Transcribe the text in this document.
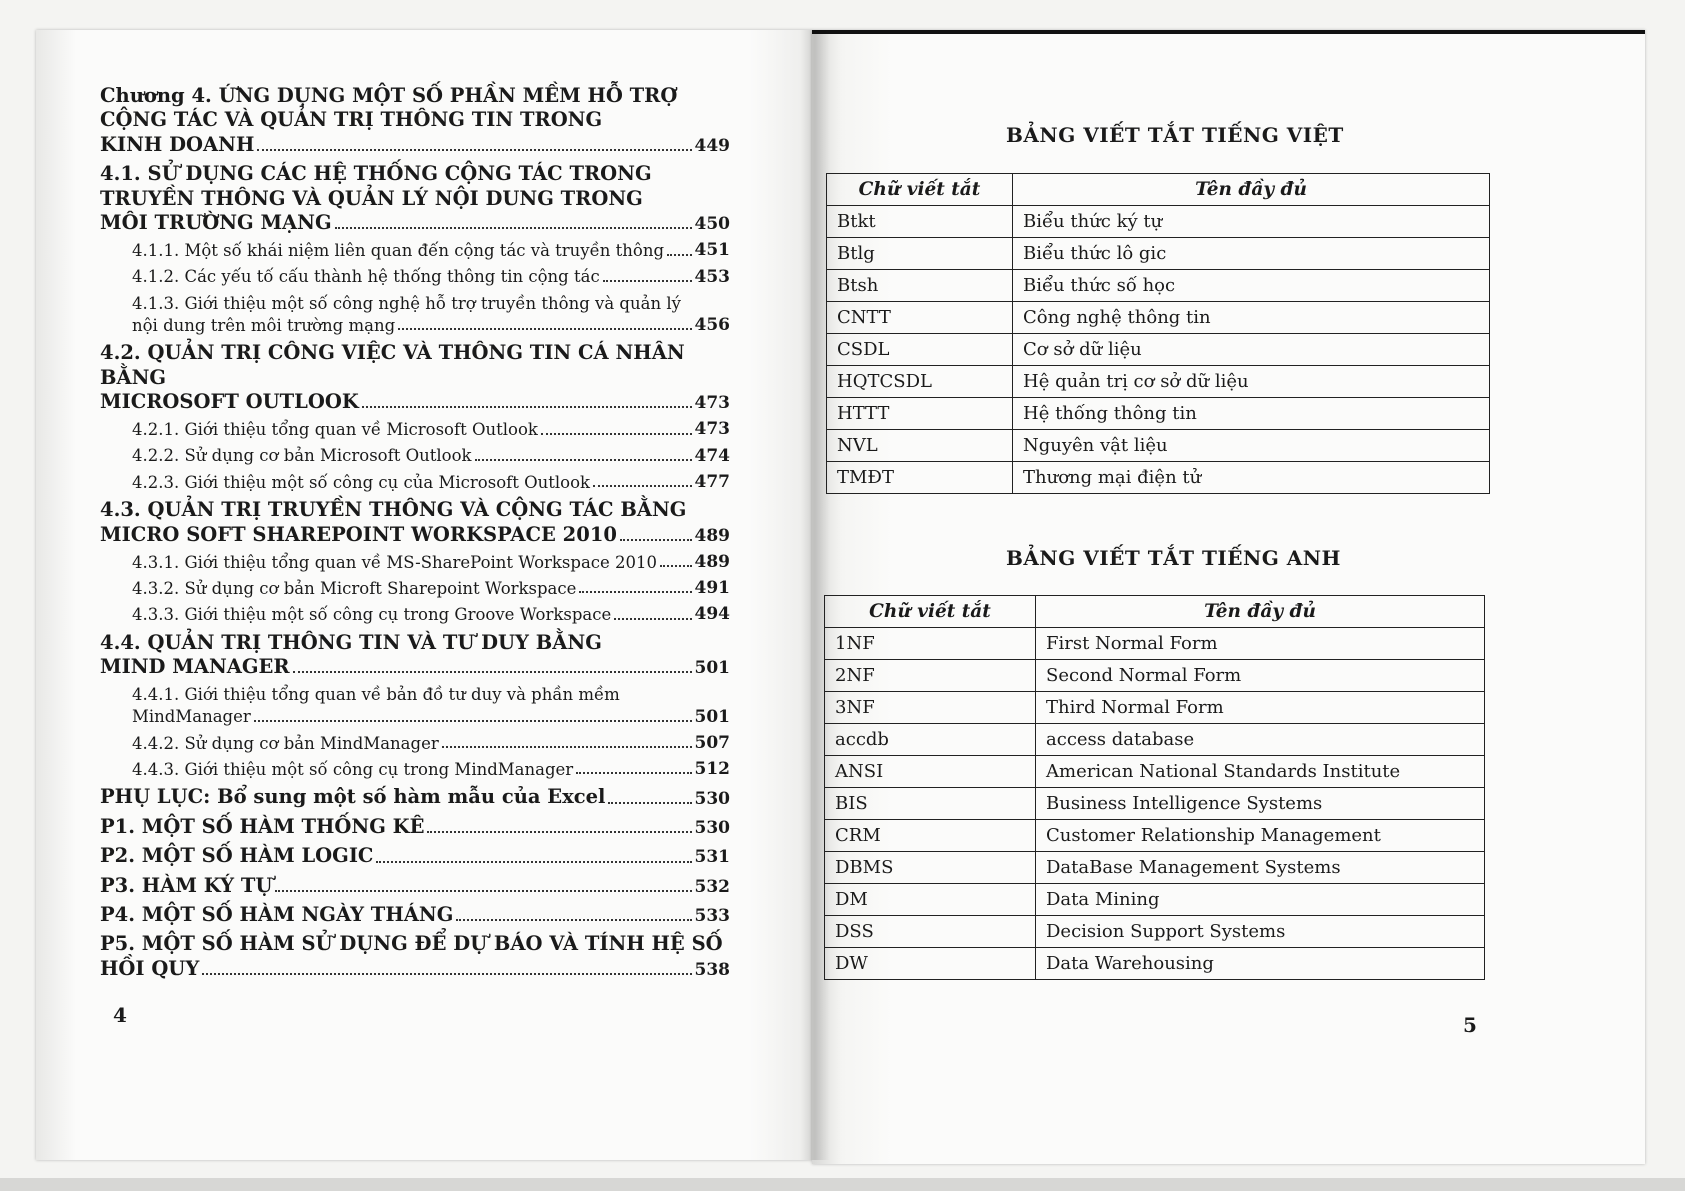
Chương 4. ỨNG DỤNG MỘT SỐ PHẦN MỀM HỖ TRỢ
CỘNG TÁC VÀ QUẢN TRỊ THÔNG TIN TRONG
KINH DOANH	449
4.1. SỬ DỤNG CÁC HỆ THỐNG CỘNG TÁC TRONG
TRUYỀN THÔNG VÀ QUẢN LÝ NỘI DUNG TRONG
MÔI TRƯỜNG MẠNG	450
4.1.1. Một số khái niệm liên quan đến cộng tác và truyền thông 451
4.1.2. Các yếu tố cấu thành hệ thống thông tin cộng tác	453
4.1.3. Giới thiệu một số công nghệ hỗ trợ truyền thông và quản lý
nội dung trên môi trường mạng	456
4.2. QUẢN TRỊ CÔNG VIỆC VÀ THÔNG TIN CÁ NHÂN BẰNG
MICROSOFT OUTLOOK	473
4.2.1. Giới thiệu tổng quan về Microsoft Outlook	473
4.2.2. Sử dụng cơ bản Microsoft Outlook	474
4.2.3. Giới thiệu một số công cụ của Microsoft Outlook	477
4.3. QUẢN TRỊ TRUYỀN THÔNG VÀ CỘNG TÁC BẰNG
MICRO SOFT SHAREPOINT WORKSPACE 2010	489
4.3.1. Giới thiệu tổng quan về MS-SharePoint Workspace 2010 489
4.3.2. Sử dụng cơ bản Microft Sharepoint Workspace	491
4.3.3. Giới thiệu một số công cụ trong Groove Workspace	494
4.4. QUẢN TRỊ THÔNG TIN VÀ TƯ DUY BẰNG
MIND MANAGER	501
4.4.1. Giới thiệu tổng quan về bản đồ tư duy và phần mềm
MindManager	501
4.4.2. Sử dụng cơ bản MindManager	507
4.4.3. Giới thiệu một số công cụ trong MindManager	512
PHỤ LỤC: Bổ sung một số hàm mẫu của Excel	530
P1. MỘT SỐ HÀM THỐNG KÊ	530
P2. MỘT SỐ HÀM LOGIC	531
P3. HÀM KÝ TỰ	532
P4. MỘT SỐ HÀM NGÀY THÁNG	533
P5. MỘT SỐ HÀM SỬ DỤNG ĐỂ DỰ BÁO VÀ TÍNH HỆ SỐ
HỒI QUY	538
4
BẢNG VIẾT TẮT TIẾNG VIỆT
Chữ viết tắt	Tên đầy đủ
Btkt	Biểu thức ký tự
Btlg	Biểu thức lô gic
Btsh	Biểu thức số học
CNTT	Công nghệ thông tin
CSDL	Cơ sở dữ liệu
HQTCSDL	Hệ quản trị cơ sở dữ liệu
HTTT	Hệ thống thông tin
NVL	Nguyên vật liệu
TMĐT	Thương mại điện tử
BẢNG VIẾT TẮT TIẾNG ANH
Chữ viết tắt	Tên đầy đủ
1NF	First Normal Form
2NF	Second Normal Form
3NF	Third Normal Form
accdb	access database
ANSI	American National Standards Institute
BIS	Business Intelligence Systems
CRM	Customer Relationship Management
DBMS	DataBase Management Systems
DM	Data Mining
DSS	Decision Support Systems
DW	Data Warehousing
5
